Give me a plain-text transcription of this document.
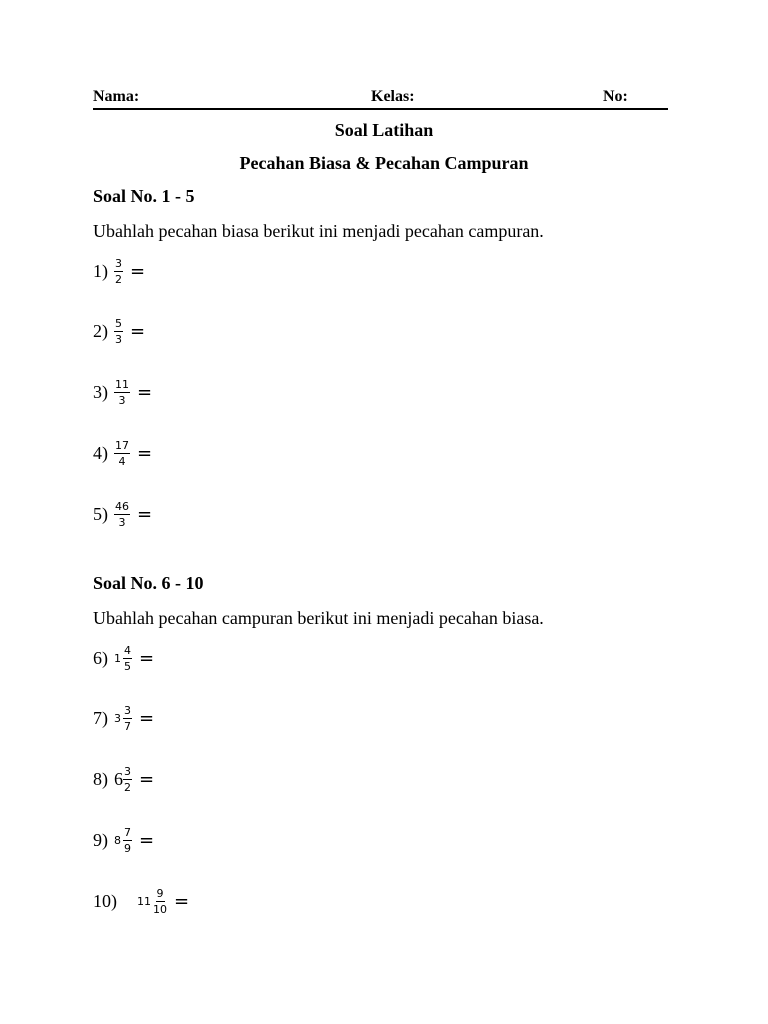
Nama:	Kelas:	No:
Soal Latihan
Pecahan Biasa & Pecahan Campuran
Soal No. 1 - 5
Ubahlah pecahan biasa berikut ini menjadi pecahan campuran.
$1) \frac{3}{2}$ =
$2) \frac{5}{3}$ =
$3) \frac{11}{3}$ =
$4) \frac{17}{4}$ =
$5) \frac{46}{3}$ =
Soal No. 6 - 10
Ubahlah pecahan campuran berikut ini menjadi pecahan biasa.
6) $1 \frac{4}{5}$ =
7) $3 \frac{3}{7}$ =
8) $6 \frac{3}{2}$ =
9) $8 \frac{7}{9}$ =
10) $11 \frac{9}{10}$ =
